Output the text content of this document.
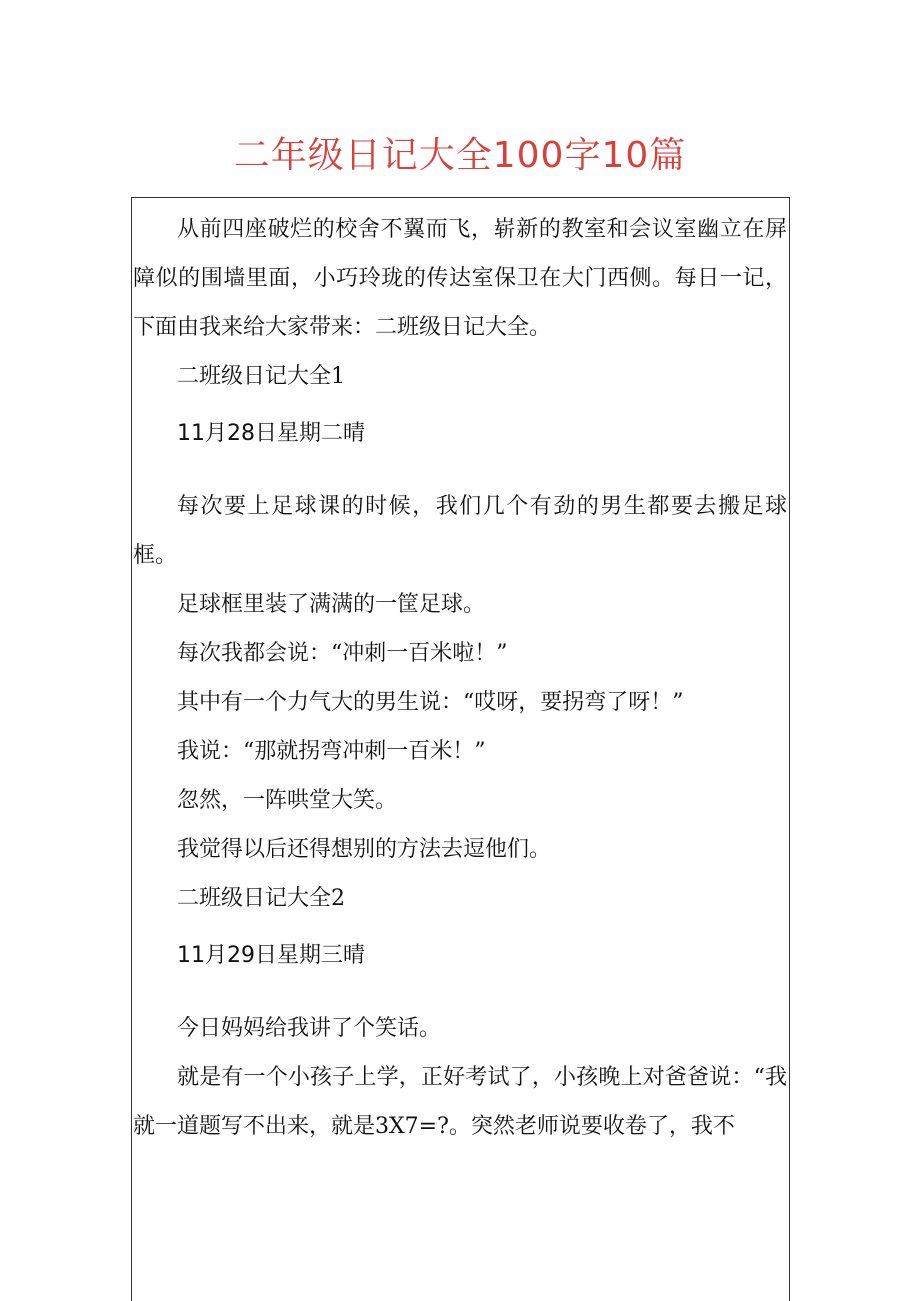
二年级日记大全100字10篇

从前四座破烂的校舍不翼而飞，崭新的教室和会议室幽立在屏障似的围墙里面，小巧玲珑的传达室保卫在大门西侧。每日一记，下面由我来给大家带来：二班级日记大全。

二班级日记大全1

11月28日星期二晴

每次要上足球课的时候，我们几个有劲的男生都要去搬足球框。

足球框里装了满满的一筐足球。

每次我都会说：“冲刺一百米啦！”

其中有一个力气大的男生说：“哎呀，要拐弯了呀！”

我说：“那就拐弯冲刺一百米！”

忽然，一阵哄堂大笑。

我觉得以后还得想别的方法去逗他们。

二班级日记大全2

11月29日星期三晴

今日妈妈给我讲了个笑话。

就是有一个小孩子上学，正好考试了，小孩晚上对爸爸说：“我就一道题写不出来，就是3X7=?。突然老师说要收卷了，我不
